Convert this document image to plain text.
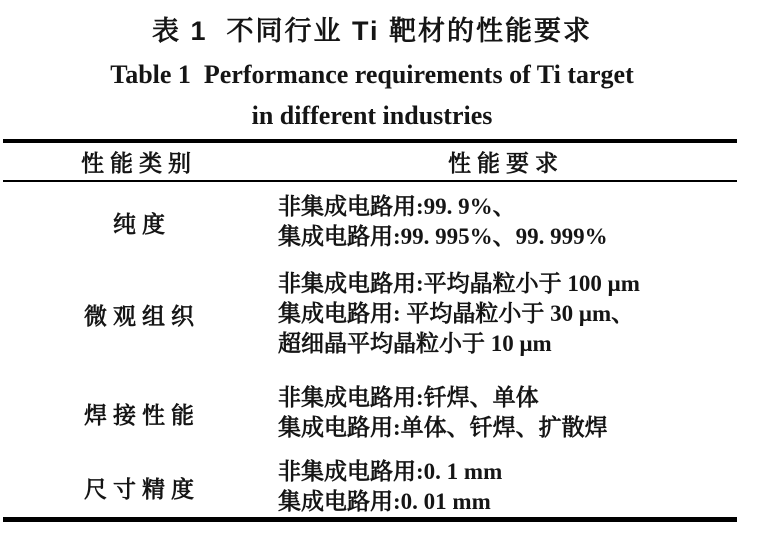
表 1  不同行业 Ti 靶材的性能要求
Table 1  Performance requirements of Ti target
in different industries
性能类别	性能要求
纯度
非集成电路用:99. 9%、
集成电路用:99. 995%、99. 999%
微观组织
非集成电路用:平均晶粒小于 100 μm
集成电路用: 平均晶粒小于 30 μm、
超细晶平均晶粒小于 10 μm
焊接性能
非集成电路用:钎焊、单体
集成电路用:单体、钎焊、扩散焊
尺寸精度
非集成电路用:0. 1 mm
集成电路用:0. 01 mm
